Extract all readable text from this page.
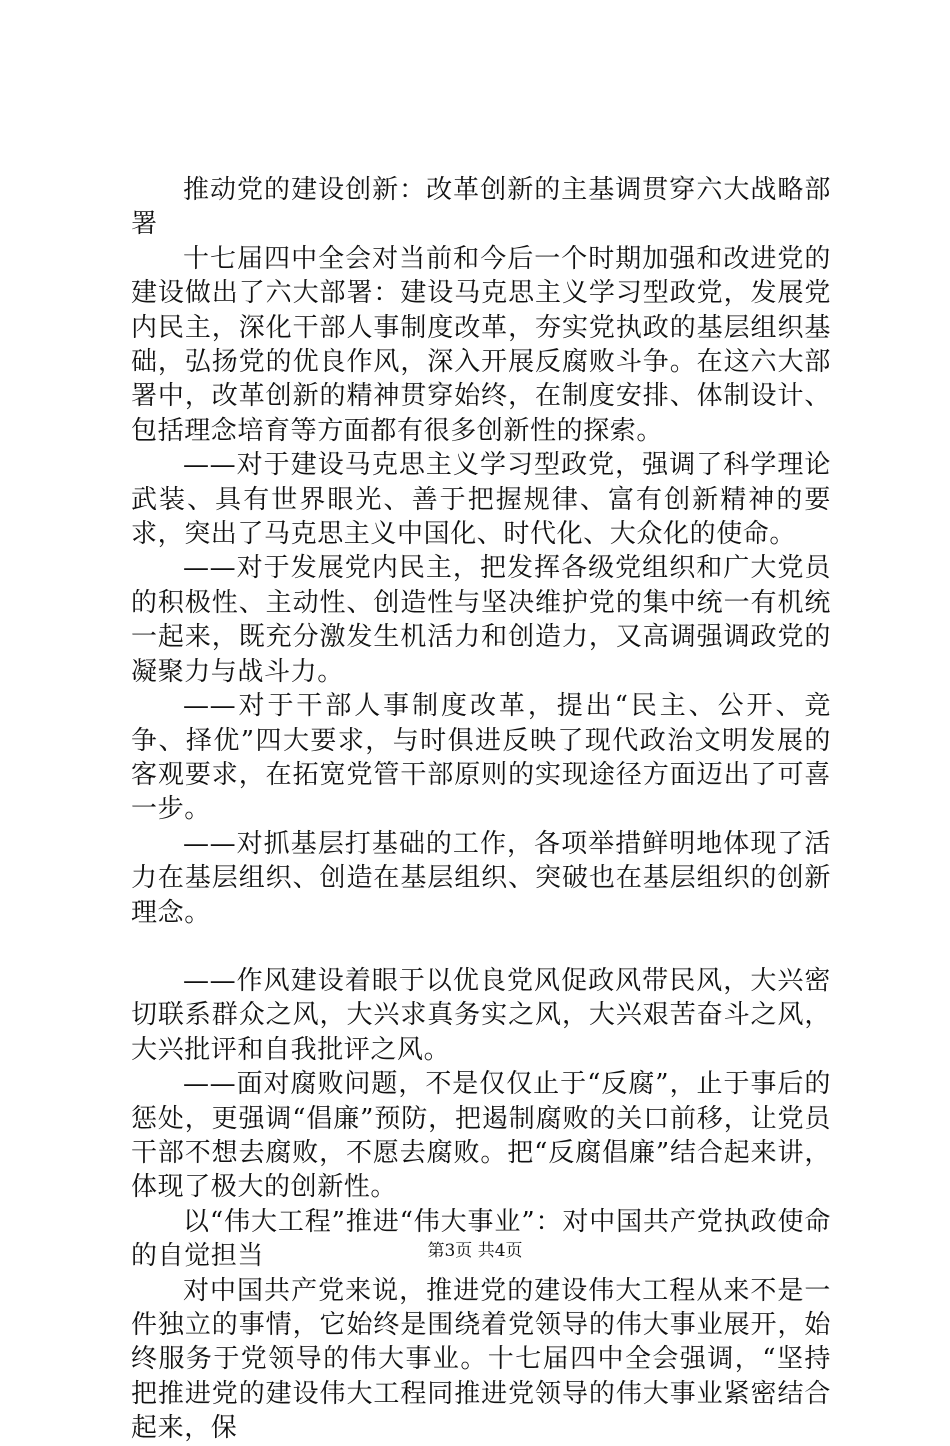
推动党的建设创新：改革创新的主基调贯穿六大战略部署

十七届四中全会对当前和今后一个时期加强和改进党的建设做出了六大部署：建设马克思主义学习型政党，发展党内民主，深化干部人事制度改革，夯实党执政的基层组织基础，弘扬党的优良作风，深入开展反腐败斗争。在这六大部署中，改革创新的精神贯穿始终，在制度安排、体制设计、包括理念培育等方面都有很多创新性的探索。

——对于建设马克思主义学习型政党，强调了科学理论武装、具有世界眼光、善于把握规律、富有创新精神的要求，突出了马克思主义中国化、时代化、大众化的使命。

——对于发展党内民主，把发挥各级党组织和广大党员的积极性、主动性、创造性与坚决维护党的集中统一有机统一起来，既充分激发生机活力和创造力，又高调强调政党的凝聚力与战斗力。

——对于干部人事制度改革，提出“民主、公开、竞争、择优”四大要求，与时俱进反映了现代政治文明发展的客观要求，在拓宽党管干部原则的实现途径方面迈出了可喜一步。

——对抓基层打基础的工作，各项举措鲜明地体现了活力在基层组织、创造在基层组织、突破也在基层组织的创新理念。

——作风建设着眼于以优良党风促政风带民风，大兴密切联系群众之风，大兴求真务实之风，大兴艰苦奋斗之风，大兴批评和自我批评之风。

——面对腐败问题，不是仅仅止于“反腐”，止于事后的惩处，更强调“倡廉”预防，把遏制腐败的关口前移，让党员干部不想去腐败，不愿去腐败。把“反腐倡廉”结合起来讲，体现了极大的创新性。

以“伟大工程”推进“伟大事业”：对中国共产党执政使命的自觉担当

对中国共产党来说，推进党的建设伟大工程从来不是一件独立的事情，它始终是围绕着党领导的伟大事业展开，始终服务于党领导的伟大事业。十七届四中全会强调，“坚持把推进党的建设伟大工程同推进党领导的伟大事业紧密结合起来，保

第3页 共4页
